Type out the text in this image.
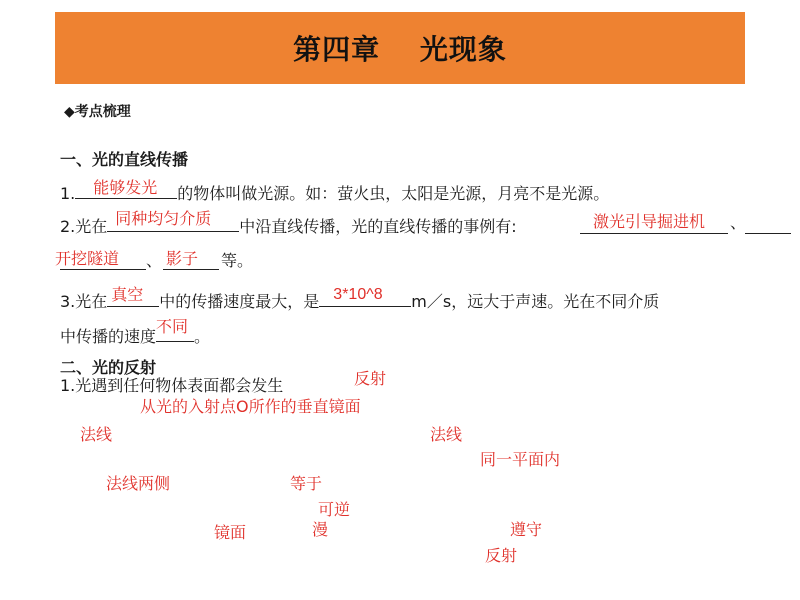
第四章　 光现象
◆考点梳理
一、光的直线传播
1. 能够发光 的物体叫做光源。如：萤火虫，太阳是光源，月亮不是光源。
2.光在 同种均匀介质 中沿直线传播，光的直线传播的事例有:	激光引导掘进机 、
开挖隧道 、 影子 等。
3.光在 真空 中的传播速度最大，是 3*10^8 m／s，远大于声速。光在不同介质
中传播的速度
不同
。
二、光的反射
1.光遇到任何物体表面都会发生	反射
从光的入射点O所作的垂直镜面
法线	法线
同一平面内
法线两侧	等于
可逆
镜面	漫	遵守
反射
